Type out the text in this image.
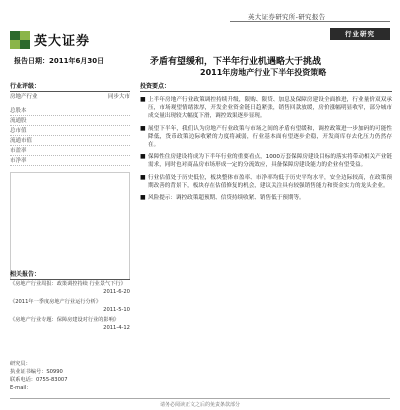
英大证券研究所-研究报告
英大证券	行业研究
报告日期：2011年6月30日	矛盾有望缓和，下半年行业机遇略大于挑战
2011年房地产行业下半年投资策略
行业评级：
房地产行业	同步大市
总股本
流通股
总市值
流通市值
市盈率
市净率
相关报告：
《房地产行业周报：政策调控持续 行业景气下行》
2011-6-20
《2011年一季度房地产行业运行分析》
2011-5-10
《房地产行业专题：保障房建设对行业的影响》
2011-4-12
研究员：
执业证书编号：S0990
联系电话：0755-83007
E-mail：
投资要点：
■ 上半年房地产行业政策调控持续升级，限购、限贷、加息及保障房建设全面推进，行业量价双双承压，市场观望情绪浓厚，开发企业资金链日趋紧张，销售回款放缓，房价涨幅明显收窄，部分城市成交量出现较大幅度下滑，调控效果逐步显现。
■ 展望下半年，我们认为房地产行业政策与市场之间的矛盾有望缓和，调控政策进一步加码的可能性降低，货币政策边际收紧的力度将减弱，行业基本面有望逐步企稳，开发商库存去化压力仍然存在。
■ 保障性住房建设将成为下半年行业的重要看点，1000万套保障房建设目标的落实将带动相关产业链需求，同时也对商品房市场形成一定的分流效应，具备保障房建设能力的企业有望受益。
■ 行业估值处于历史低位，板块整体市盈率、市净率均低于历史平均水平，安全边际较高，在政策预期改善的背景下，板块存在估值修复的机会，建议关注具有较强销售能力和资金实力的龙头企业。
■ 风险提示：调控政策超预期、信贷持续收紧、销售低于预期等。
请务必阅读正文之后的免责条款部分
